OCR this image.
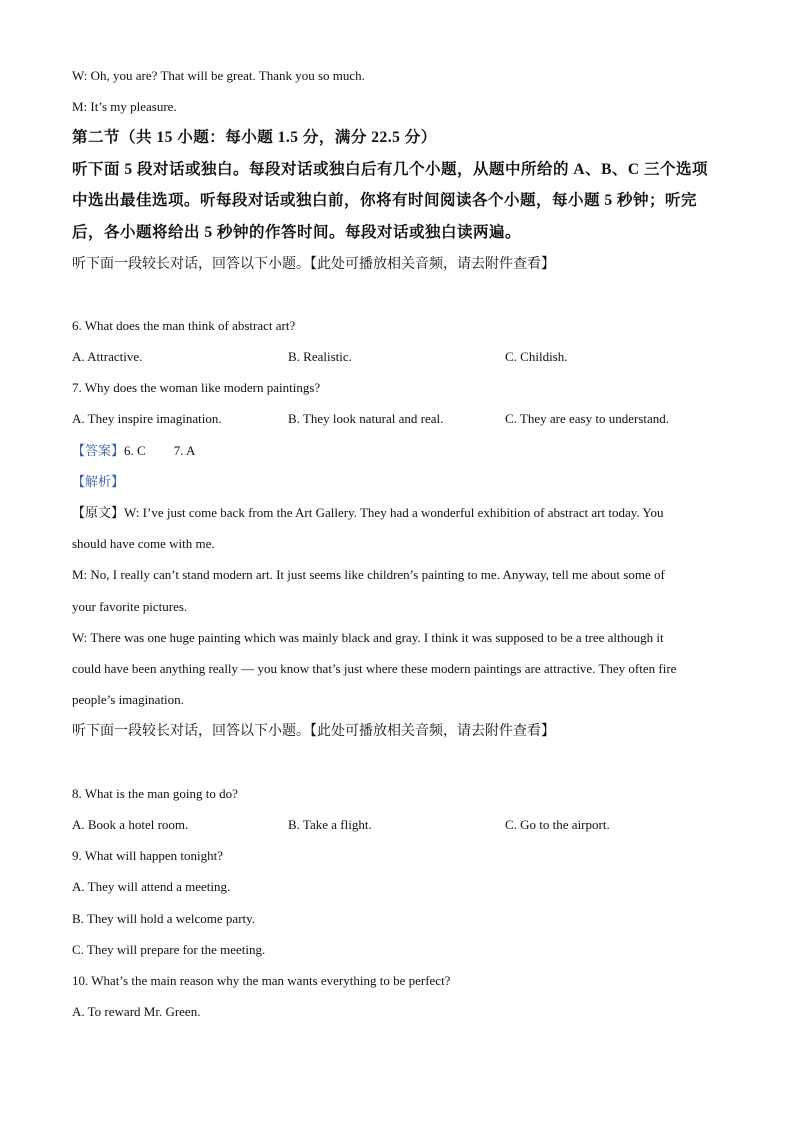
W: Oh, you are? That will be great. Thank you so much.
M: It’s my pleasure.
第二节（共 15 小题：每小题 1.5 分，满分 22.5 分）
听下面 5 段对话或独白。每段对话或独白后有几个小题，从题中所给的 A、B、C 三个选项
中选出最佳选项。听每段对话或独白前，你将有时间阅读各个小题，每小题 5 秒钟；听完
后，各小题将给出 5 秒钟的作答时间。每段对话或独白读两遍。
听下面一段较长对话，回答以下小题。【此处可播放相关音频，请去附件查看】
6. What does the man think of abstract art?
A. Attractive.	B. Realistic.	C. Childish.
7. Why does the woman like modern paintings?
A. They inspire imagination.	B. They look natural and real.	C. They are easy to understand.
【答案】6. C 7. A
【解析】
【原文】W: I’ve just come back from the Art Gallery. They had a wonderful exhibition of abstract art today. You
should have come with me.
M: No, I really can’t stand modern art. It just seems like children’s painting to me. Anyway, tell me about some of
your favorite pictures.
W: There was one huge painting which was mainly black and gray. I think it was supposed to be a tree although it
could have been anything really — you know that’s just where these modern paintings are attractive. They often fire
people’s imagination.
听下面一段较长对话，回答以下小题。【此处可播放相关音频，请去附件查看】
8. What is the man going to do?
A. Book a hotel room.	B. Take a flight.	C. Go to the airport.
9. What will happen tonight?
A. They will attend a meeting.
B. They will hold a welcome party.
C. They will prepare for the meeting.
10. What’s the main reason why the man wants everything to be perfect?
A. To reward Mr. Green.
